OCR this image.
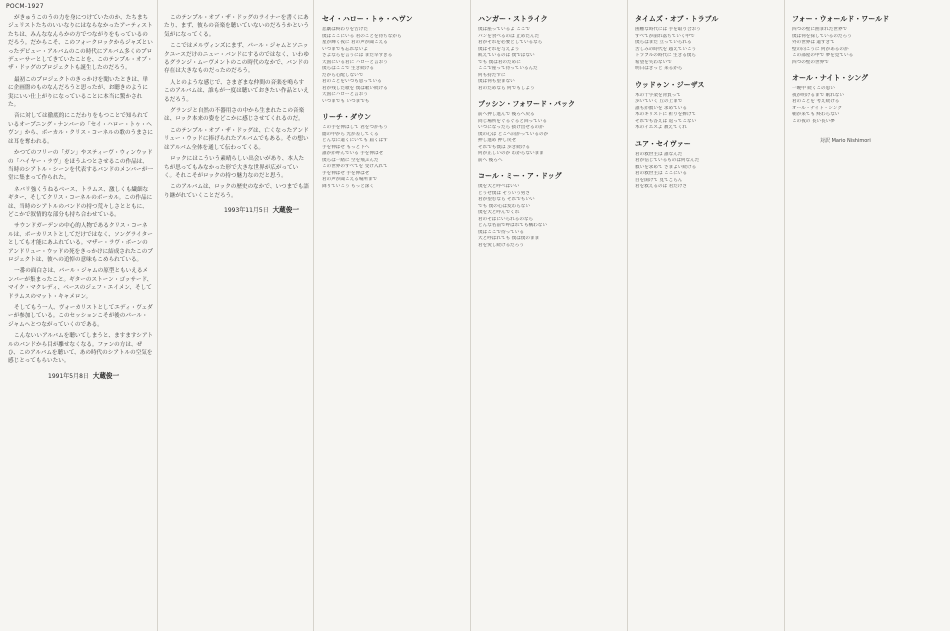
POCM-1927

がきゅうこのうの力を身につけていたのか、たちまちジュリストたちのいいなりにはならなかったアーティストたちは、みんななんらかの方でつながりをもっているのだろう。だからこそ、このフォークロックからジャズといったデビュー・アルバムのこの時代にアルバム多くのプロデューサーとしてきていたことを、このテンプル・オブ・ザ・ドッグのプロジェクトも誕生したのだろう。

最初このプロジェクトのきっかけを聞いたときは、単に企画盤のものなんだろうと思ったが、お聴きのように実にいい仕上がりになっていることに本当に驚かされた。

音に対しては徹底的にこだわりをもつことで知られているオープニング・ナンバーの「セイ・ハロー・トゥ・ヘヴン」から、ボーカル・クリス・コーネルの歌のうまさには耳を奪われる。

かつてのフリーの「ガン」やスティーヴ・ウィンウッドの「ハイヤー・ラヴ」をほうふつとさせるこの作品は、当時のシアトル・シーンを代表するバンドのメンバーが一堂に集まって作られた。

ネバリ強くうねるベース、トラムス、激しくも繊細なギター、そしてクリス・コーネルのボーカル。この作品には、当時のシアトルのバンドの持つ荒々しさとともに、どこかで叙情的な部分も持ち合わせている。

サウンドガーデンの中心的人物であるクリス・コーネルは、ボーカリストとしてだけではなく、ソングライターとしても才能にあふれている。マザー・ラヴ・ボーンのアンドリュー・ウッドの死をきっかけに結成されたこのプロジェクトは、彼への追悼の意味もこめられている。

一番の面白さは、パール・ジャムの原型ともいえるメンバーが集まったこと。ギターのストーン・ゴッサード、マイク・マクレディ、ベースのジェフ・エイメン、そしてドラムスのマット・キャメロン。

そしてもう一人、ヴォーカリストとしてエディ・ヴェダーが参加している。このセッションこそが後のパール・ジャムへとつながっていくのである。

こんないいアルバムを聴いてしまうと、ますますシアトルのバンドから目が離せなくなる。ファンの方は、ぜひ、このアルバムを聴いて、あの時代のシアトルの空気を感じとってもらいたい。

1991年5月8日 大蔵俊一

このテンプル・オブ・ザ・ドッグのライナーを書くにあたり、まず、彼らの音楽を聴いていないのだろうかという気がになってくる。

ここではメルヴィンズにまず、パール・ジャムとソニックユースだけのニュー・バンドにするのではなく、いわゆるグランジ・ムーヴメントのこの時代のなかで、バンドの存在は大きなものだったのだろう。

人とのような感じで、さまざまな仲間の音楽を鳴らすこのアルバムは、誰もが一度は聴いておきたい作品といえるだろう。

グランジと自然の不器用さの中から生まれたこの音楽は、ロック本来の姿をどこかに感じさせてくれるのだ。

このテンプル・オブ・ザ・ドッグは、亡くなったアンドリュー・ウッドに捧げられたアルバムでもある。その想いはアルバム全体を通して伝わってくる。

ロックにはこういう素晴らしい出会いがあり、本人たちが思ってもみなかった形で大きな世界が広がっていく。それこそがロックの持つ魅力なのだと思う。

このアルバムは、ロックの歴史のなかで、いつまでも語り継がれていくことだろう。

1993年11月5日 大蔵俊一
セイ・ハロー・トゥ・ヘヴン
悲劇は終わりを告げた
僕はここにいる 君のことを待ちながら
星が輝く夜に 君の声が聞こえる
いつまでも忘れないよ
さよならを言うには まだ早すぎる
天国にいる君に ハローと言おう
僕らはここで 生き続ける
だから心配しないで
君のことをいつも思っている
君が残した歌を 僕は歌い続ける
天国にハローと言おう
いつまでも いつまでも
リーチ・ダウン
この手を伸ばして 君をつかもう
闇の中から 光が差してくる
どんなに遠くにいても 届くはず
手を伸ばせ もっと下へ
誰かが呼んでいる 手を伸ばせ
僕らは一緒に 空を飛ぶんだ
この世界のすべてを 受け入れて
手を伸ばせ 手を伸ばせ
君の声が聞こえる場所まで
降りていこう もっと深く
ハンガー・ストライク
僕は座っているよ ここで
パンを食べるのは 止めたんだ
君がそれを必要としているなら
僕はそれを与えよう
飢えているのは 僕ではない
でも 僕は君のために
ここで座って待っているんだ
何も持たずに
僕は何も望まない
君のためなら 何でもしよう
プッシン・フォワード・バック
前へ押し進んで 後ろへ戻る
同じ場所をぐるぐると回っている
いつになったら 抜け出せるのか
僕の心は どこへ向かっているのか
押し進め 押し戻せ
それでも僕は 歩き続ける
何が正しいのか わからないまま
前へ 後ろへ
コール・ミー・ア・ドッグ
僕を犬と呼べばいい
どうせ僕は そういう男さ
君が望むなら それでもいい
でも 僕の心は変わらない
僕を犬と呼んでくれ
君のそばにいられるのなら
どんな名前で呼ばれても構わない
僕はここで待っている
犬と呼ばれても 僕は僕のまま
君を愛し続けるだろう
タイムズ・オブ・トラブル
困難な時代には 手を取り合おう
すべてが崩れ落ちていく中で
僕らはまだ 立っていられる
苦しみの時代を 越えていこう
トラブルの時代に 生きる僕ら
希望を失わないで
明日はきっと 来るから
ウッドゥン・ジーザス
木の十字架を背負って
歩いていく 丘の上まで
誰もが救いを 求めている
木のキリストに 祈りを捧げて
それでも答えは 返ってこない
木のイエスよ 教えてくれ
ユア・セイヴァー
君の救世主は 誰なんだ
君が信じているものは何なんだ
救いを求めて さまよい続ける
君の救世主は ここにいる
目を開けて 見てごらん
君を救えるのは 君だけさ
フォー・ウォールド・ワールド
四つの壁に囲まれた世界で
僕は何を探しているのだろう
外の世界は 遠すぎて
壁の向こうに 何があるのか
この部屋の中で 夢を見ている
四つの壁の世界で
オール・ナイト・シング
一晩中 続くこの思い
夜が明けるまで 眠れない
君のことを 考え続ける
オール・ナイト・シング
朝が来ても 終わらない
この夜の 長い長い夢
対訳 Mario Nishimori
